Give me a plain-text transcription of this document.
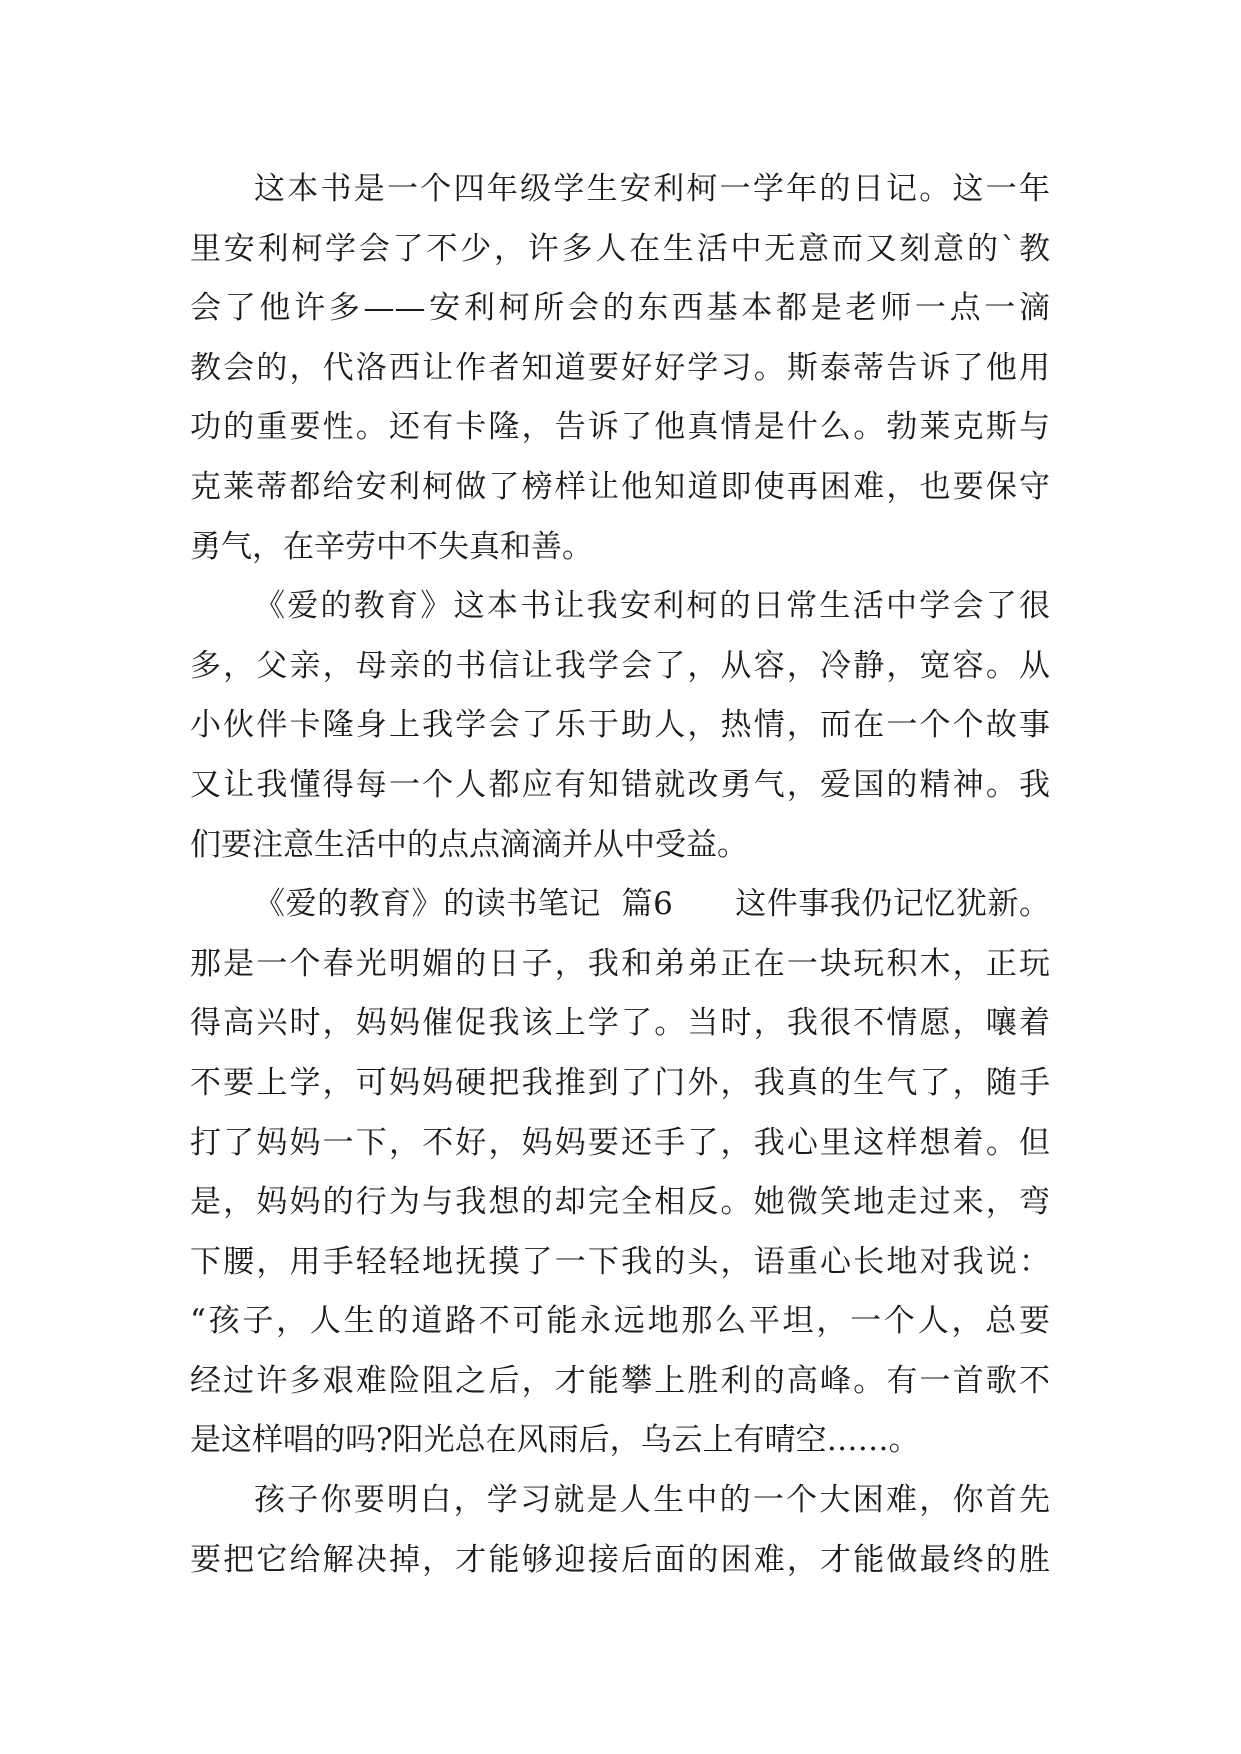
这本书是一个四年级学生安利柯一学年的日记。这一年
里安利柯学会了不少，许多人在生活中无意而又刻意的`教
会了他许多——安利柯所会的东西基本都是老师一点一滴
教会的，代洛西让作者知道要好好学习。斯泰蒂告诉了他用
功的重要性。还有卡隆，告诉了他真情是什么。勃莱克斯与
克莱蒂都给安利柯做了榜样让他知道即使再困难，也要保守
勇气，在辛劳中不失真和善。
《爱的教育》这本书让我安利柯的日常生活中学会了很
多，父亲，母亲的书信让我学会了，从容，冷静，宽容。从
小伙伴卡隆身上我学会了乐于助人，热情，而在一个个故事
又让我懂得每一个人都应有知错就改勇气，爱国的精神。我
们要注意生活中的点点滴滴并从中受益。
《爱的教育》的读书笔记  篇6      这件事我仍记忆犹新。
那是一个春光明媚的日子，我和弟弟正在一块玩积木，正玩
得高兴时，妈妈催促我该上学了。当时，我很不情愿，嚷着
不要上学，可妈妈硬把我推到了门外，我真的生气了，随手
打了妈妈一下，不好，妈妈要还手了，我心里这样想着。但
是，妈妈的行为与我想的却完全相反。她微笑地走过来，弯
下腰，用手轻轻地抚摸了一下我的头，语重心长地对我说：
“孩子，人生的道路不可能永远地那么平坦，一个人，总要
经过许多艰难险阻之后，才能攀上胜利的高峰。有一首歌不
是这样唱的吗?阳光总在风雨后，乌云上有晴空……。
孩子你要明白，学习就是人生中的一个大困难，你首先
要把它给解决掉，才能够迎接后面的困难，才能做最终的胜
